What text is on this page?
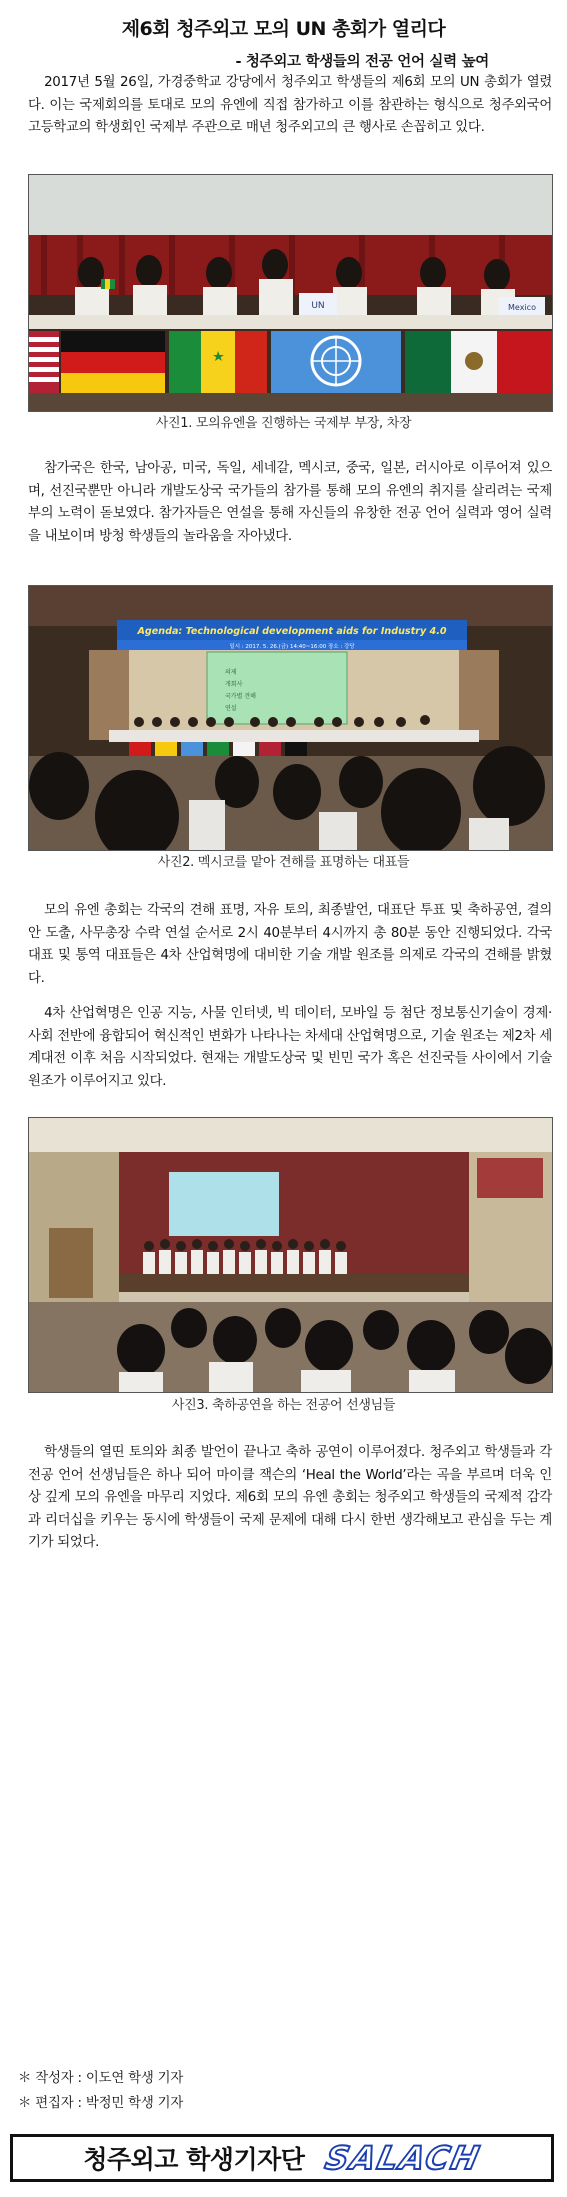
제6회 청주외고 모의 UN 총회가 열리다
- 청주외고 학생들의 전공 언어 실력 높여

2017년 5월 26일, 가경중학교 강당에서 청주외고 학생들의 제6회 모의 UN 총회가 열렸다. 이는 국제회의를 토대로 모의 유엔에 직접 참가하고 이를 참관하는 형식으로 청주외국어고등학교의 학생회인 국제부 주관으로 매년 청주외고의 큰 행사로 손꼽히고 있다.

UN	Mexico
사진1. 모의유엔을 진행하는 국제부 부장, 차장

참가국은 한국, 남아공, 미국, 독일, 세네갈, 멕시코, 중국, 일본, 러시아로 이루어져 있으며, 선진국뿐만 아니라 개발도상국 국가들의 참가를 통해 모의 유엔의 취지를 살리려는 국제부의 노력이 돋보였다. 참가자들은 연설을 통해 자신들의 유창한 전공 언어 실력과 영어 실력을 내보이며 방청 학생들의 놀라움을 자아냈다.

Agenda: Technological development aids for Industry 4.0
일시 : 2017. 5. 26.(금) 14:40~16:00 장소 : 강당
의제
개회사
국가별 견해
연설
사진2. 멕시코를 맡아 견해를 표명하는 대표들

모의 유엔 총회는 각국의 견해 표명, 자유 토의, 최종발언, 대표단 투표 및 축하공연, 결의안 도출, 사무총장 수락 연설 순서로 2시 40분부터 4시까지 총 80분 동안 진행되었다. 각국 대표 및 통역 대표들은 4차 산업혁명에 대비한 기술 개발 원조를 의제로 각국의 견해를 밝혔다.

4차 산업혁명은 인공 지능, 사물 인터넷, 빅 데이터, 모바일 등 첨단 정보통신기술이 경제·사회 전반에 융합되어 혁신적인 변화가 나타나는 차세대 산업혁명으로, 기술 원조는 제2차 세계대전 이후 처음 시작되었다. 현재는 개발도상국 및 빈민 국가 혹은 선진국들 사이에서 기술 원조가 이루어지고 있다.

사진3. 축하공연을 하는 전공어 선생님들

학생들의 열띤 토의와 최종 발언이 끝나고 축하 공연이 이루어졌다. 청주외고 학생들과 각 전공 언어 선생님들은 하나 되어 마이클 잭슨의 ‘Heal the World’라는 곡을 부르며 더욱 인상 깊게 모의 유엔을 마무리 지었다. 제6회 모의 유엔 총회는 청주외고 학생들의 국제적 감각과 리더십을 키우는 동시에 학생들이 국제 문제에 대해 다시 한번 생각해보고 관심을 두는 계기가 되었다.

＊ 작성자 : 이도연 학생 기자
＊ 편집자 : 박정민 학생 기자
청주외고 학생기자단 SALACH
